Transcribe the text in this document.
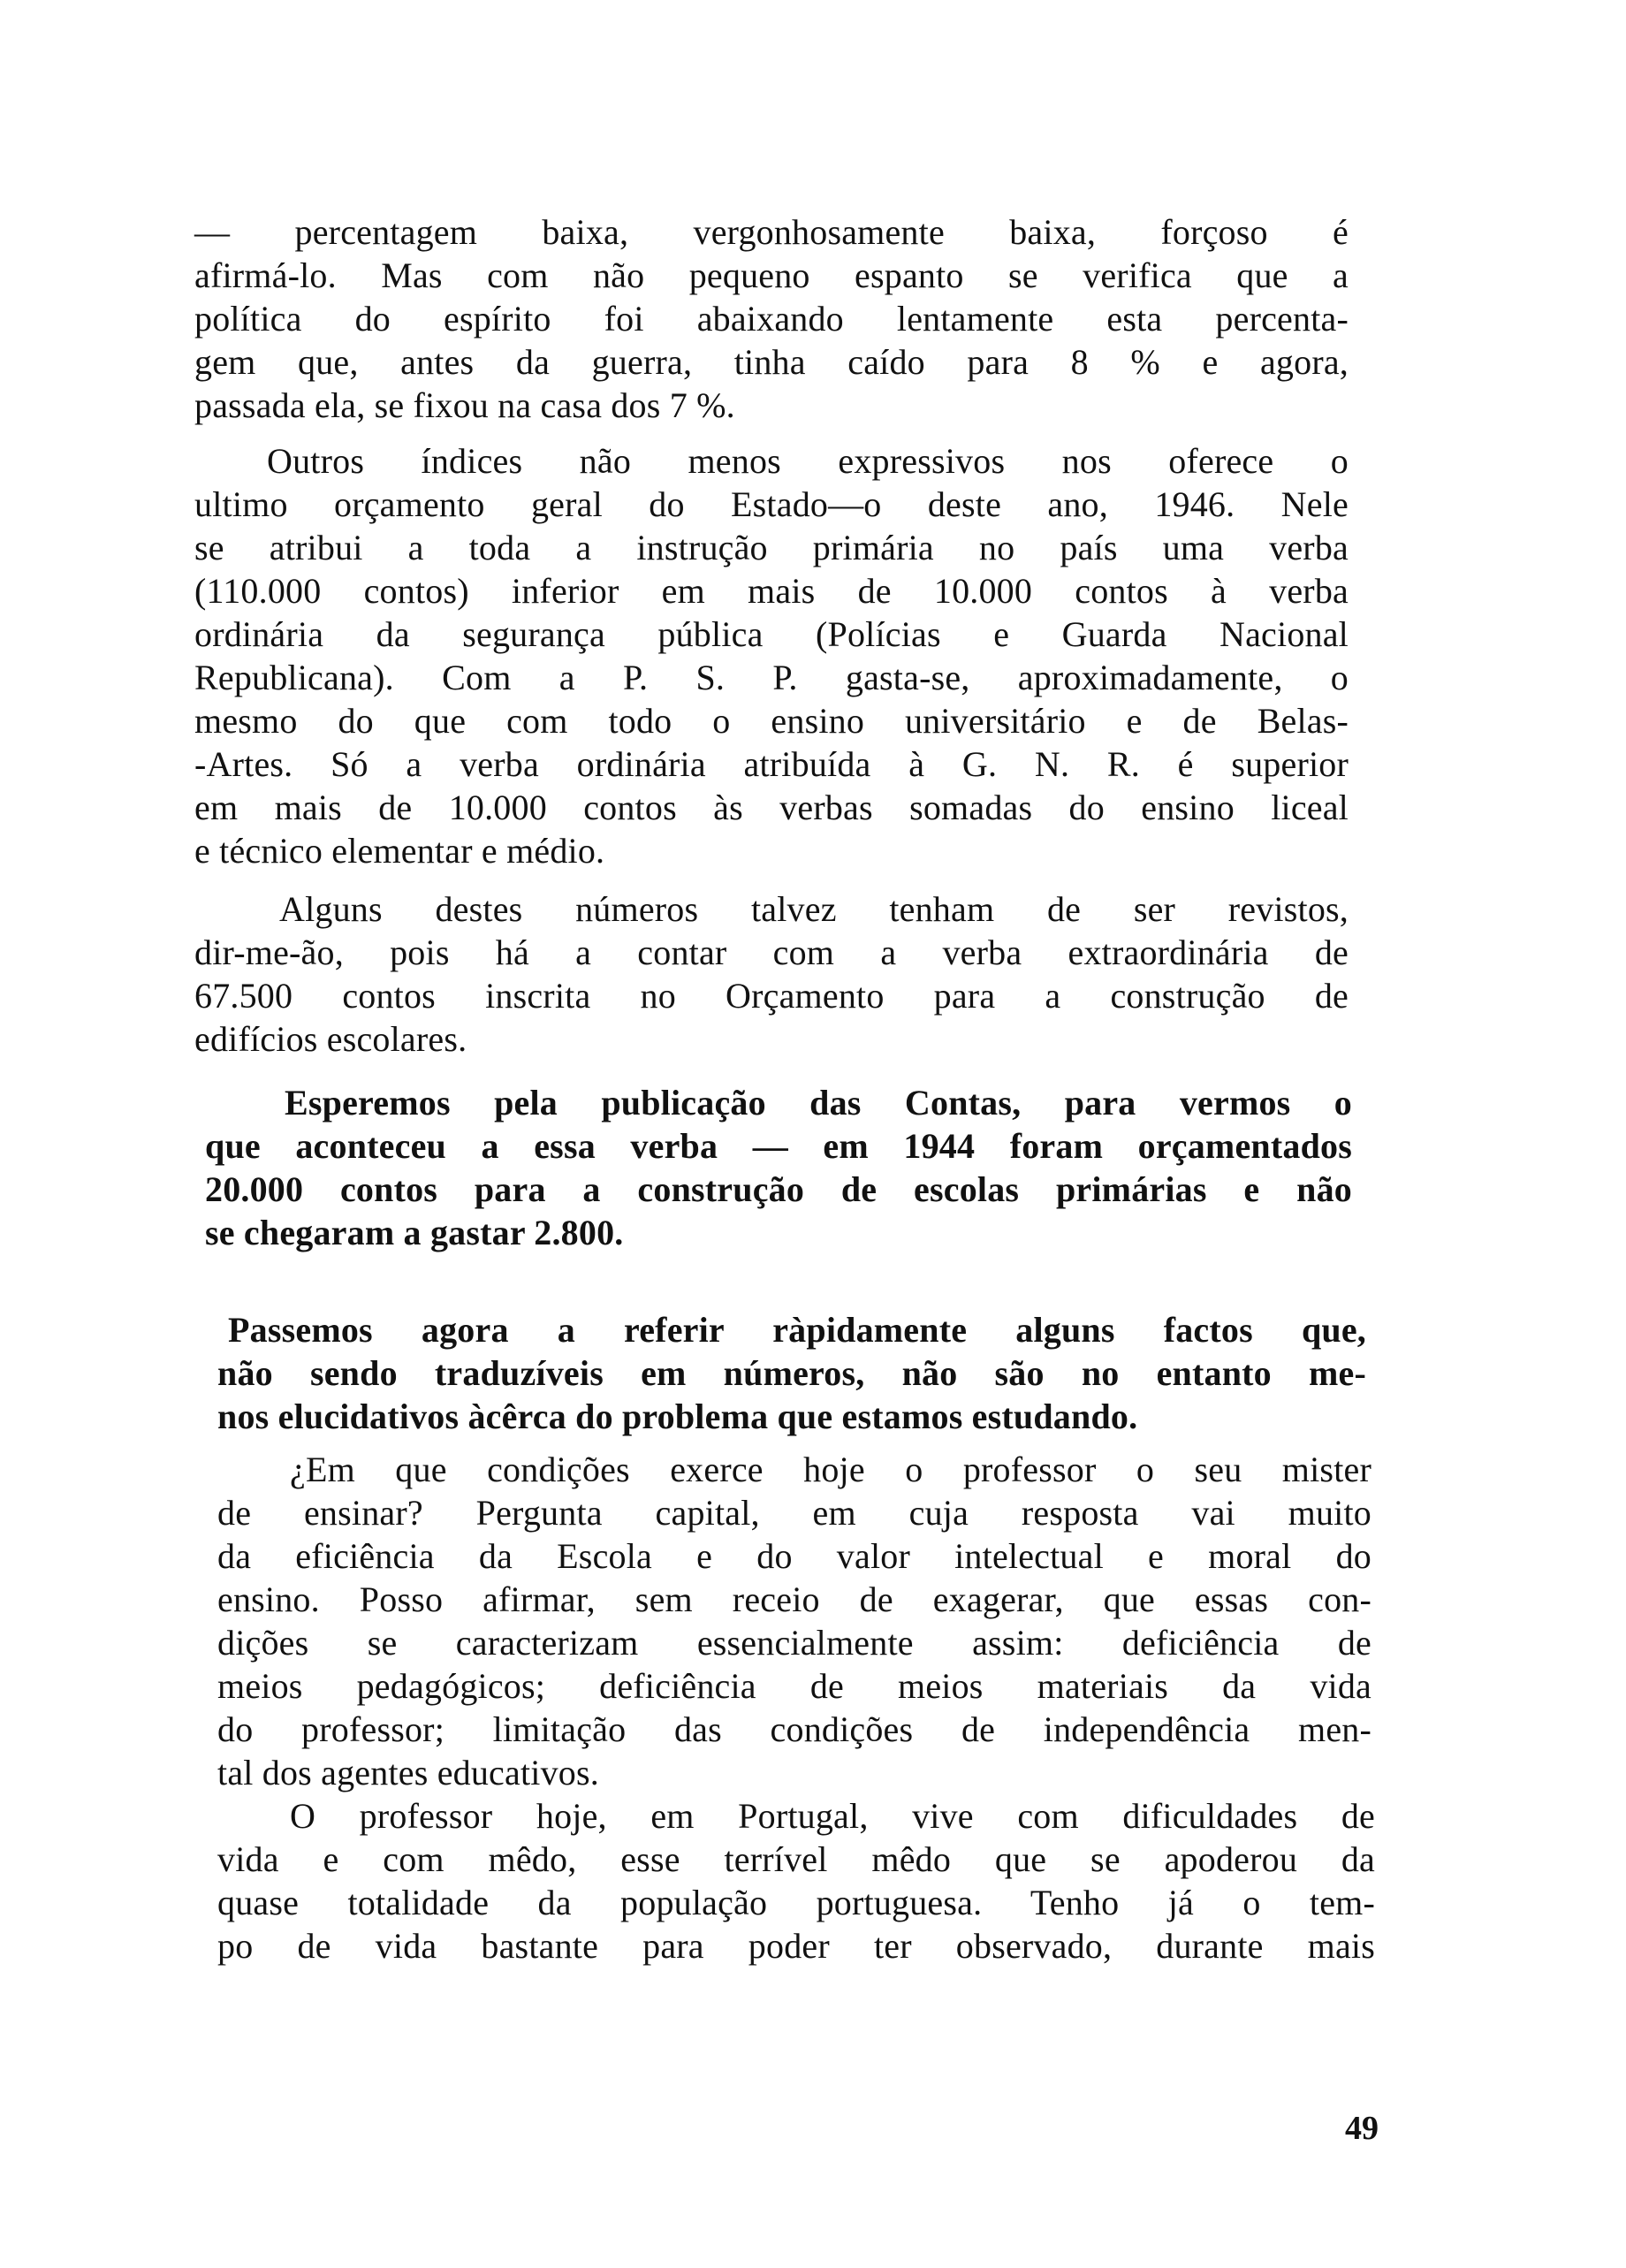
— percentagem baixa, vergonhosamente baixa, forçoso é
afirmá-lo. Mas com não pequeno espanto se verifica que a
política do espírito foi abaixando lentamente esta percenta-
gem que, antes da guerra, tinha caído para 8 % e agora,
passada ela, se fixou na casa dos 7 %.

Outros índices não menos expressivos nos oferece o
ultimo orçamento geral do Estado—o deste ano, 1946. Nele
se atribui a toda a instrução primária no país uma verba
(110.000 contos) inferior em mais de 10.000 contos à verba
ordinária da segurança pública (Polícias e Guarda Nacional
Republicana). Com a P. S. P. gasta-se, aproximadamente, o
mesmo do que com todo o ensino universitário e de Belas-
-Artes. Só a verba ordinária atribuída à G. N. R. é superior
em mais de 10.000 contos às verbas somadas do ensino liceal
e técnico elementar e médio.

Alguns destes números talvez tenham de ser revistos,
dir-me-ão, pois há a contar com a verba extraordinária de
67.500 contos inscrita no Orçamento para a construção de
edifícios escolares.

Esperemos pela publicação das Contas, para vermos o
que aconteceu a essa verba — em 1944 foram orçamentados
20.000 contos para a construção de escolas primárias e não
se chegaram a gastar 2.800.

Passemos agora a referir ràpidamente alguns factos que,
não sendo traduzíveis em números, não são no entanto me-
nos elucidativos àcêrca do problema que estamos estudando.

¿Em que condições exerce hoje o professor o seu mister
de ensinar? Pergunta capital, em cuja resposta vai muito
da eficiência da Escola e do valor intelectual e moral do
ensino. Posso afirmar, sem receio de exagerar, que essas con-
dições se caracterizam essencialmente assim: deficiência de
meios pedagógicos; deficiência de meios materiais da vida
do professor; limitação das condições de independência men-
tal dos agentes educativos.

O professor hoje, em Portugal, vive com dificuldades de
vida e com mêdo, esse terrível mêdo que se apoderou da
quase totalidade da população portuguesa. Tenho já o tem-
po de vida bastante para poder ter observado, durante mais

49
